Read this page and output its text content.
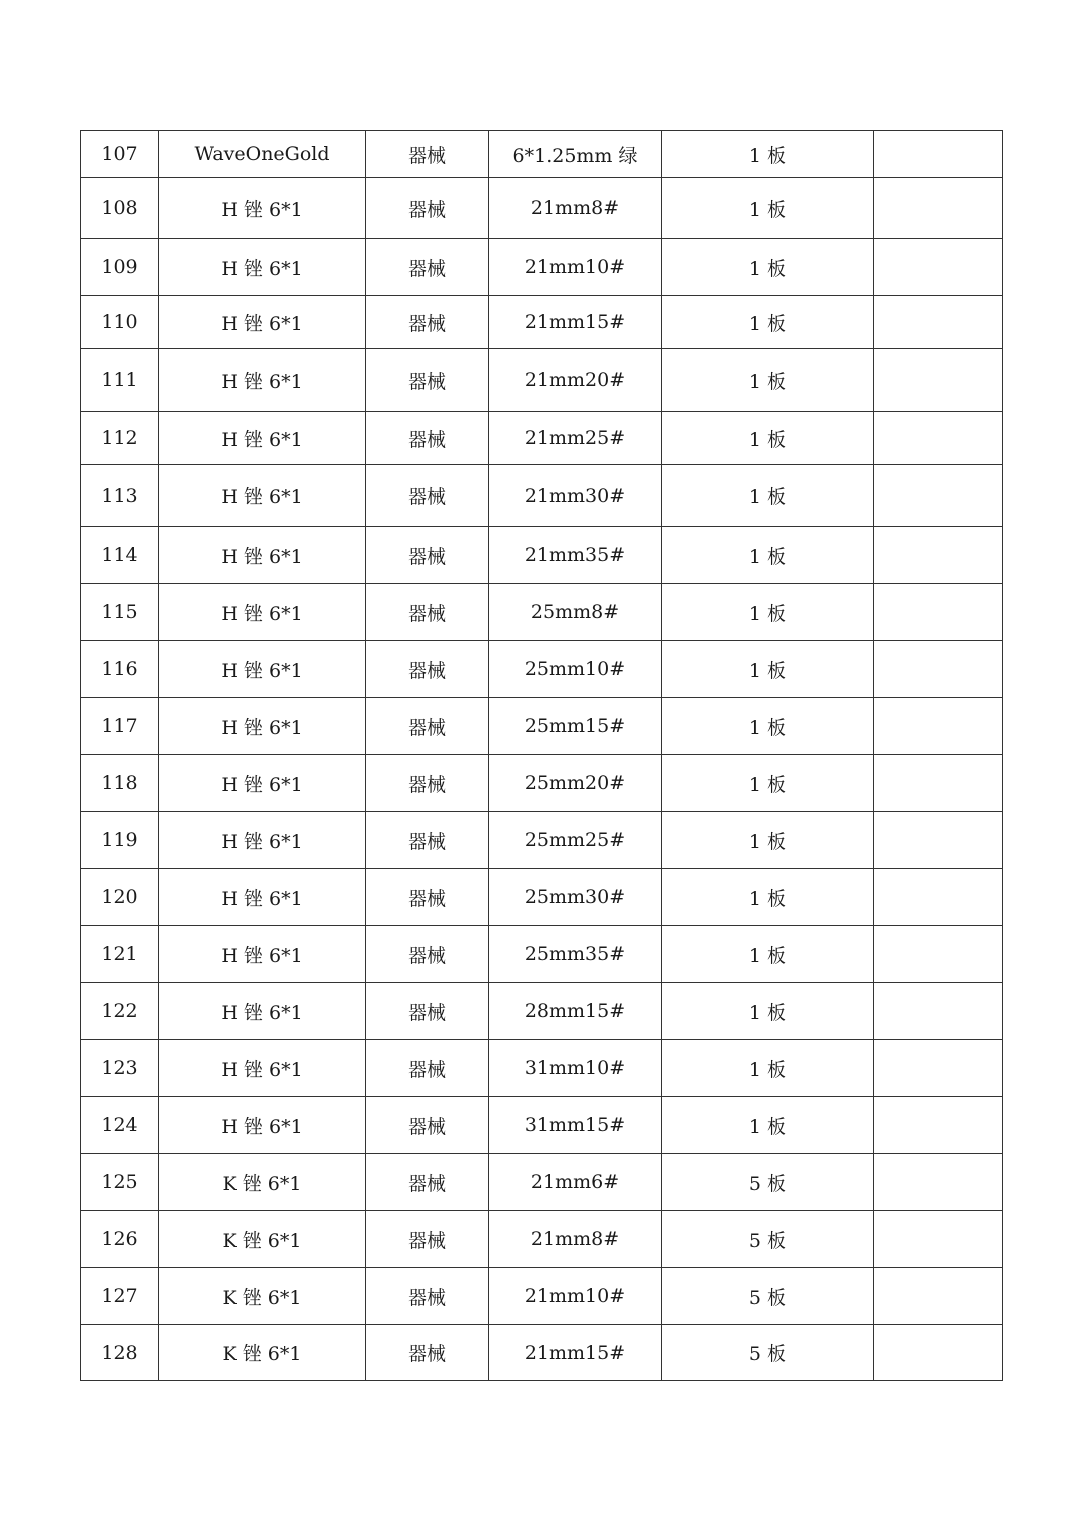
107	WaveOneGold	器械	6*1.25mm 绿	1 板	
108	H 锉 6*1	器械	21mm8#	1 板	
109	H 锉 6*1	器械	21mm10#	1 板	
110	H 锉 6*1	器械	21mm15#	1 板	
111	H 锉 6*1	器械	21mm20#	1 板	
112	H 锉 6*1	器械	21mm25#	1 板	
113	H 锉 6*1	器械	21mm30#	1 板	
114	H 锉 6*1	器械	21mm35#	1 板	
115	H 锉 6*1	器械	25mm8#	1 板	
116	H 锉 6*1	器械	25mm10#	1 板	
117	H 锉 6*1	器械	25mm15#	1 板	
118	H 锉 6*1	器械	25mm20#	1 板	
119	H 锉 6*1	器械	25mm25#	1 板	
120	H 锉 6*1	器械	25mm30#	1 板	
121	H 锉 6*1	器械	25mm35#	1 板	
122	H 锉 6*1	器械	28mm15#	1 板	
123	H 锉 6*1	器械	31mm10#	1 板	
124	H 锉 6*1	器械	31mm15#	1 板	
125	K 锉 6*1	器械	21mm6#	5 板	
126	K 锉 6*1	器械	21mm8#	5 板	
127	K 锉 6*1	器械	21mm10#	5 板	
128	K 锉 6*1	器械	21mm15#	5 板	
